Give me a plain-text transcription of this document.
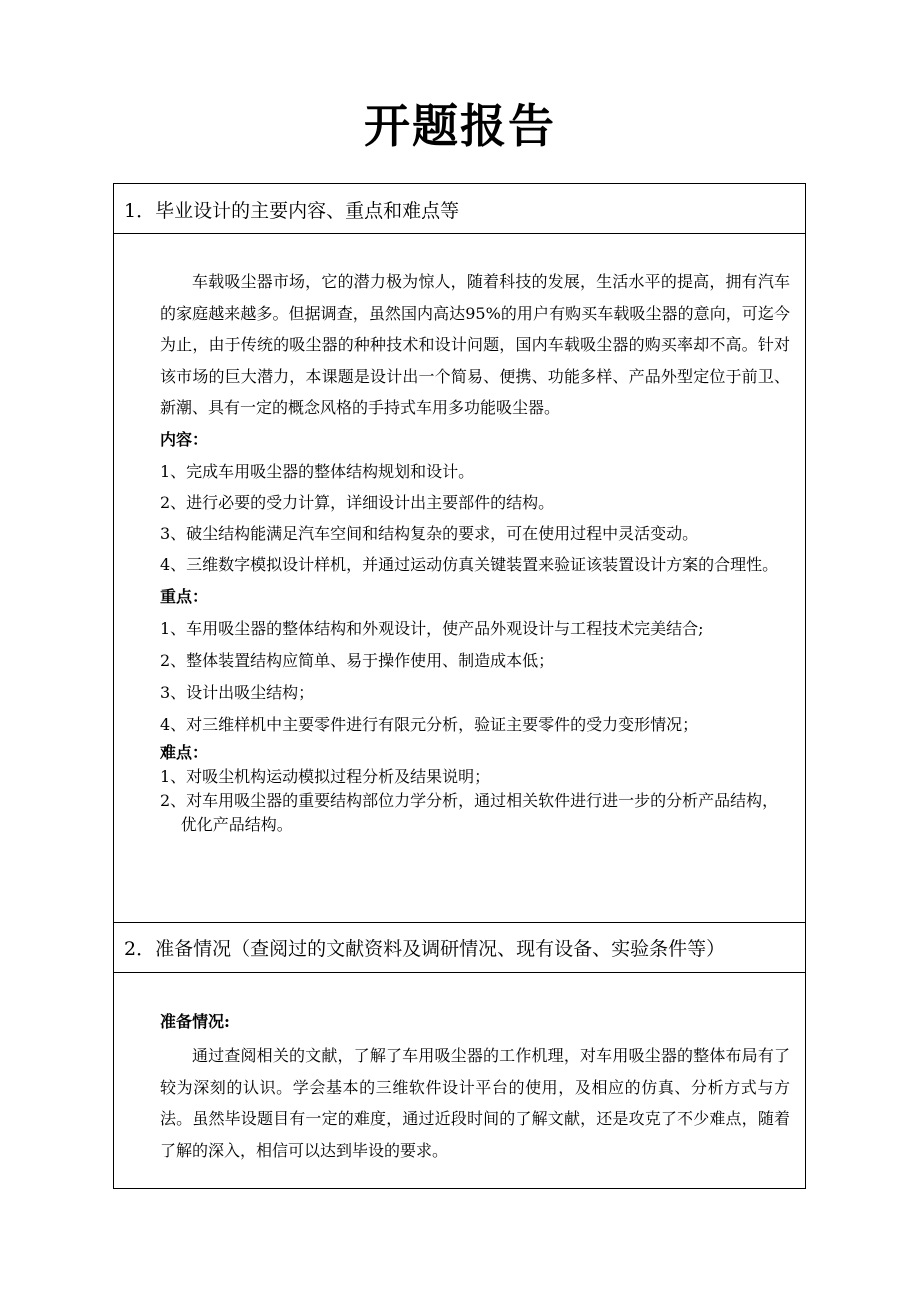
开题报告
1．毕业设计的主要内容、重点和难点等

车载吸尘器市场，它的潜力极为惊人，随着科技的发展，生活水平的提高，拥有汽车的家庭越来越多。但据调查，虽然国内高达95%的用户有购买车载吸尘器的意向，可迄今为止，由于传统的吸尘器的种种技术和设计问题，国内车载吸尘器的购买率却不高。针对该市场的巨大潜力，本课题是设计出一个简易、便携、功能多样、产品外型定位于前卫、新潮、具有一定的概念风格的手持式车用多功能吸尘器。

内容：

1、完成车用吸尘器的整体结构规划和设计。

2、进行必要的受力计算，详细设计出主要部件的结构。

3、破尘结构能满足汽车空间和结构复杂的要求，可在使用过程中灵活变动。

4、三维数字模拟设计样机，并通过运动仿真关键装置来验证该装置设计方案的合理性。

重点：

1、车用吸尘器的整体结构和外观设计，使产品外观设计与工程技术完美结合;

2、整体装置结构应简单、易于操作使用、制造成本低；

3、设计出吸尘结构；

4、对三维样机中主要零件进行有限元分析，验证主要零件的受力变形情况；

难点：

1、对吸尘机构运动模拟过程分析及结果说明；

2、对车用吸尘器的重要结构部位力学分析，通过相关软件进行进一步的分析产品结构，优化产品结构。

2．准备情况（查阅过的文献资料及调研情况、现有设备、实验条件等）

准备情况:

通过查阅相关的文献，了解了车用吸尘器的工作机理，对车用吸尘器的整体布局有了较为深刻的认识。学会基本的三维软件设计平台的使用，及相应的仿真、分析方式与方法。虽然毕设题目有一定的难度，通过近段时间的了解文献，还是攻克了不少难点，随着了解的深入，相信可以达到毕设的要求。
